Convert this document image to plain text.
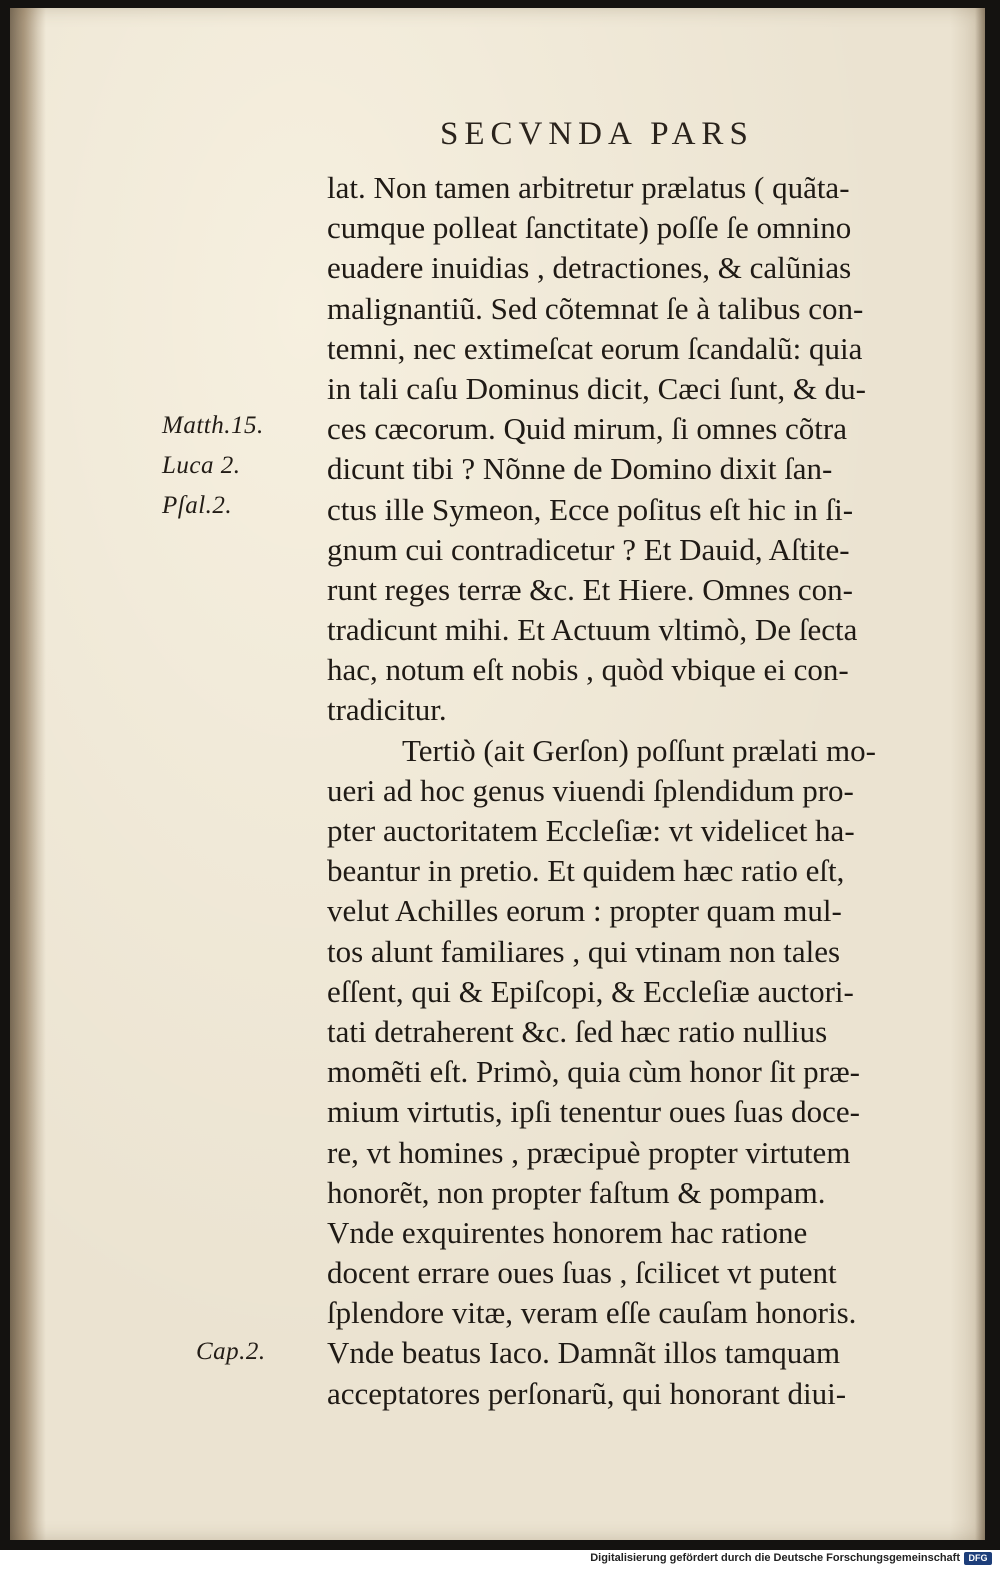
SECVNDA PARS
lat. Non tamen arbitretur prælatus ( quãta-
cumque polleat ſanctitate) poſſe ſe omnino
euadere inuidias , detractiones, & calũnias
malignantiũ. Sed cõtemnat ſe à talibus con-
temni, nec extimeſcat eorum ſcandalũ: quia
in tali caſu Dominus dicit, Cæci ſunt, & du-
ces cæcorum. Quid mirum, ſi omnes cõtra
dicunt tibi ? Nõnne de Domino dixit ſan-
ctus ille Symeon, Ecce poſitus eſt hic in ſi-
gnum cui contradicetur ? Et Dauid, Aſtite-
runt reges terræ &c. Et Hiere. Omnes con-
tradicunt mihi. Et Actuum vltimò, De ſecta
hac, notum eſt nobis , quòd vbique ei con-
tradicitur.
Tertiò (ait Gerſon) poſſunt prælati mo-
ueri ad hoc genus viuendi ſplendidum pro-
pter auctoritatem Eccleſiæ: vt videlicet ha-
beantur in pretio. Et quidem hæc ratio eſt,
velut Achilles eorum : propter quam mul-
tos alunt familiares , qui vtinam non tales
eſſent, qui & Epiſcopi, & Eccleſiæ auctori-
tati detraherent &c. ſed hæc ratio nullius
momẽti eſt. Primò, quia cùm honor ſit præ-
mium virtutis, ipſi tenentur oues ſuas doce-
re, vt homines , præcipuè propter virtutem
honorẽt, non propter faſtum & pompam.
Vnde exquirentes honorem hac ratione
docent errare oues ſuas , ſcilicet vt putent
ſplendore vitæ, veram eſſe cauſam honoris.
Vnde beatus Iaco. Damnãt illos tamquam
acceptatores perſonarũ, qui honorant diui-
Matth.15.
Luca 2.
Pſal.2.
Cap.2.
Digitalisierung gefördert durch die Deutsche Forschungsgemeinschaft DFG
